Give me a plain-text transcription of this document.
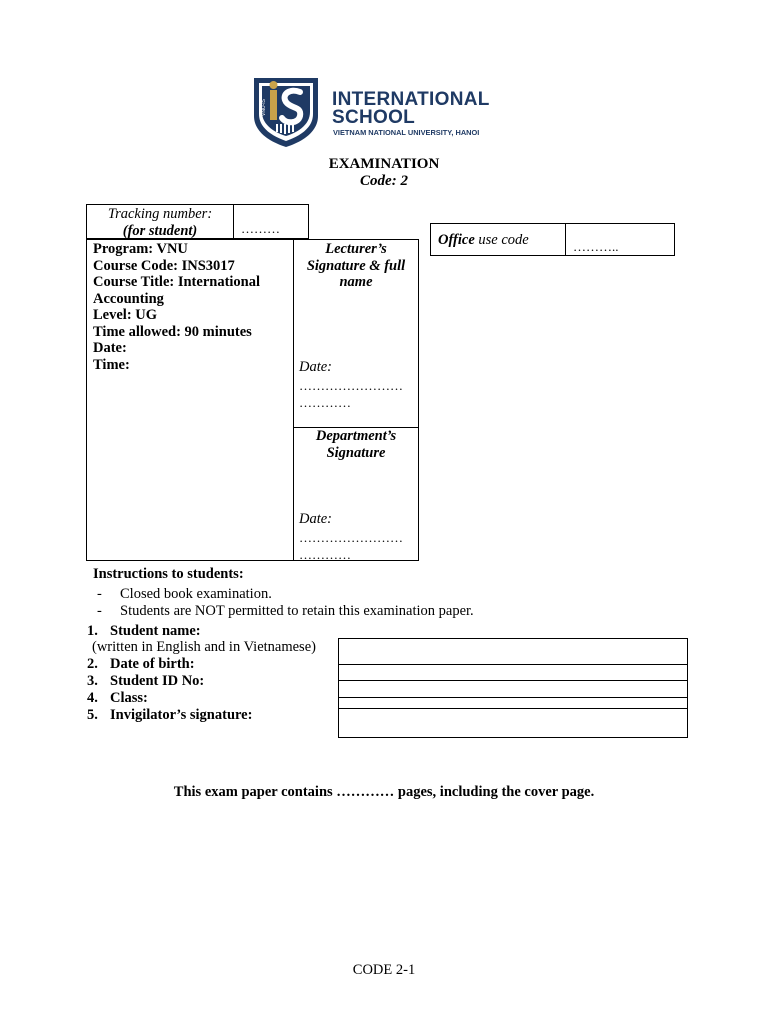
VNU-IS	INTERNATIONAL
SCHOOL
VIETNAM NATIONAL UNIVERSITY, HANOI
EXAMINATION
Code: 2
Tracking number:
(for student)	………
Office use code	………..
Program: VNU
Course Code: INS3017
Course Title: International Accounting
Level: UG
Time allowed: 90 minutes
Date:
Time:
Lecturer’s Signature & full name
Date:
……………………
…………
Department’s Signature
Date:
……………………
…………
Instructions to students:
- Closed book examination.
- Students are NOT permitted to retain this examination paper.
1. Student name:
(written in English and in Vietnamese)
2. Date of birth:
3. Student ID No:
4. Class:
5. Invigilator’s signature:
This exam paper contains ………… pages, including the cover page.
CODE 2-1
